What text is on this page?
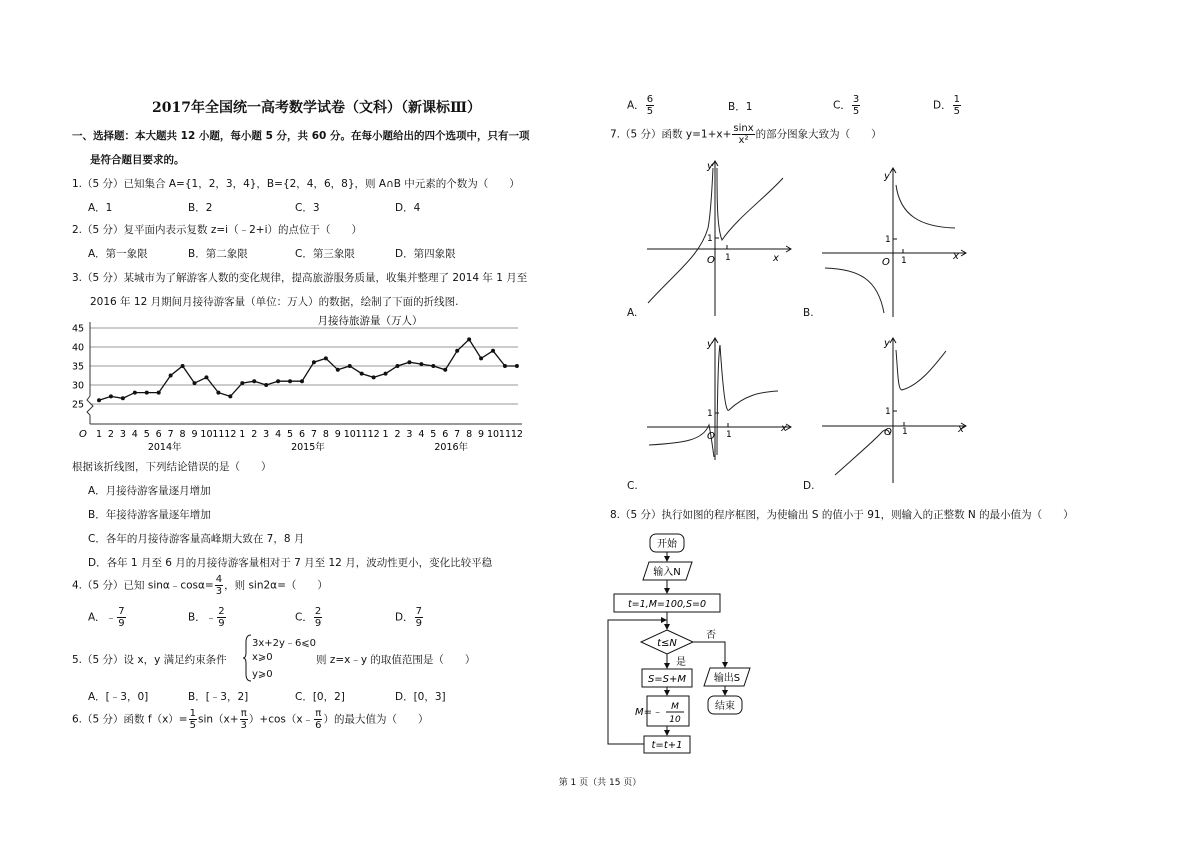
2017年全国统一高考数学试卷（文科）（新课标Ⅲ）
一、选择题：本大题共 12 小题，每小题 5 分，共 60 分。在每小题给出的四个选项中，只有一项
是符合题目要求的。
1.（5 分）已知集合 A={1，2，3，4}，B={2，4，6，8}，则 A∩B 中元素的个数为（　　）
A．1	B．2	C．3	D．4
2.（5 分）复平面内表示复数 z=i（﹣2+i）的点位于（　　）
A．第一象限	B．第二象限	C．第三象限	D．第四象限
3.（5 分）某城市为了解游客人数的变化规律，提高旅游服务质量，收集并整理了 2014 年 1 月至
2016 年 12 月期间月接待游客量（单位：万人）的数据，绘制了下面的折线图.
25
30
35
40
45
1 2 3 4 5 6 7 8 9 10 11 12 1 2 3 4 5 6 7 8 9 10 11 12 1 2 3 4 5 6 7 8 9 10 11 12
月接待旅游量（万人）
O
2014年	2015年	2016年
根据该折线图，下列结论错误的是（　　）
A．月接待游客量逐月增加
B．年接待游客量逐年增加
C．各年的月接待游客量高峰期大致在 7，8 月
D．各年 1 月至 6 月的月接待游客量相对于 7 月至 12 月，波动性更小，变化比较平稳
4.（5 分）已知 sinα﹣cosα= $\frac{4}{3}$ ，则 sin2α=（　　）
A．﹣ $\frac{7}{9}$	B．﹣ $\frac{2}{9}$	C． $\frac{2}{9}$	D． $\frac{7}{9}$
5.（5 分）设 x，y 满足约束条件
3x+2y﹣6⩽0
x⩾0
y⩾0
则 z=x﹣y 的取值范围是（　　）
A．[﹣3，0]	B．[﹣3，2]	C．[0，2]	D．[0，3]
6.（5 分）函数 $f(x)= \frac{1}{5} \sin(x+ \frac{\pi}{3}$ ）+cos（x﹣ $\frac{\pi}{6}$ ）的最大值为（　　）
A． $\frac{6}{5}$	B．1	C． $\frac{3}{5}$	D． $\frac{1}{5}$
7.（5 分）函数 $y=1+x+ \frac{\sin x}{\text{x²}}$ 的部分图象大致为（　　）
O 1
1
x
y
A.
O 1
1
x
y
B.
O 1
1
x
y
C.
O 1
1
x
y
D.
8.（5 分）执行如图的程序框图，为使输出 S 的值小于 91，则输入的正整数 N 的最小值为（　　）
开始
输入N
t=1,M=100,S=0
t≤N
否
是
S=S+M
M=﹣ M
10
t=t+1
输出S
结束
第 1 页（共 15 页）
